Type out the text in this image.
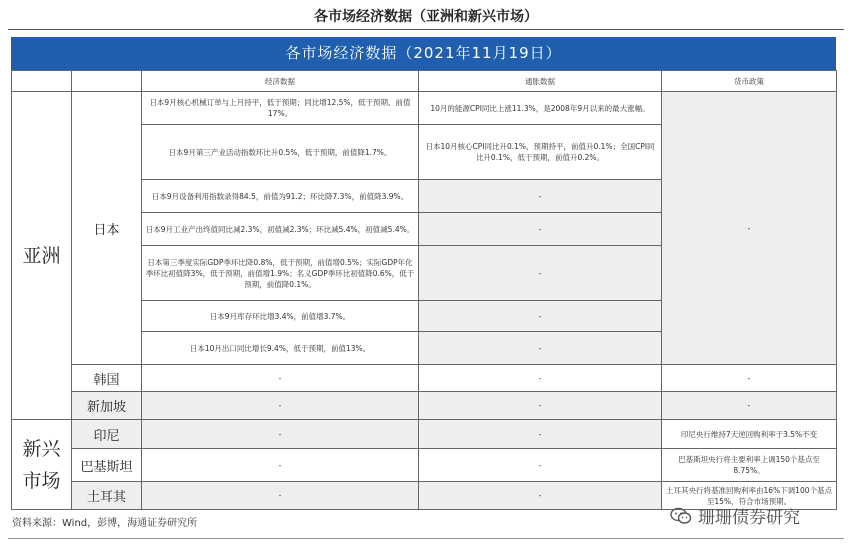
各市场经济数据（亚洲和新兴市场）
各市场经济数据（2021年11月19日）
		经济数据	通胀数据	货币政策
亚洲	日本	日本9月核心机械订单与上月持平，低于预期；同比增12.5%，低于预期、前值17%。	10月的能源CPI同比上涨11.3%，是2008年9月以来的最大涨幅。	-
		日本9月第三产业活动指数环比升0.5%，低于预期，前值降1.7%。	日本10月核心CPI同比升0.1%，预期持平，前值升0.1%；全国CPI同比升0.1%，低于预期，前值升0.2%。	
		日本9月设备利用指数录得84.5，前值为91.2；环比降7.3%，前值降3.9%。	-	
		日本9月工业产出终值同比减2.3%，初值减2.3%；环比减5.4%，初值减5.4%。	-	
		日本第三季度实际GDP季环比降0.8%，低于预期，前值增0.5%；实际GDP年化季环比初值降3%，低于预期，前值增1.9%；名义GDP季环比初值降0.6%，低于预期，前值降0.1%。	-	
		日本9月库存环比增3.4%，前值增3.7%。	-	
		日本10月出口同比增长9.4%，低于预期，前值13%。	-	
	韩国	-	-	-
	新加坡	-	-	-
新兴
市场	印尼	-	-	印尼央行维持7天逆回购利率于3.5%不变
	巴基斯坦	-	-	巴基斯坦央行将主要利率上调150个基点至8.75%。
	土耳其	-	-	土耳其央行将基准回购利率由16%下调100个基点至15%，符合市场预期。
资料来源：Wind，彭博，海通证券研究所	珊珊债券研究
